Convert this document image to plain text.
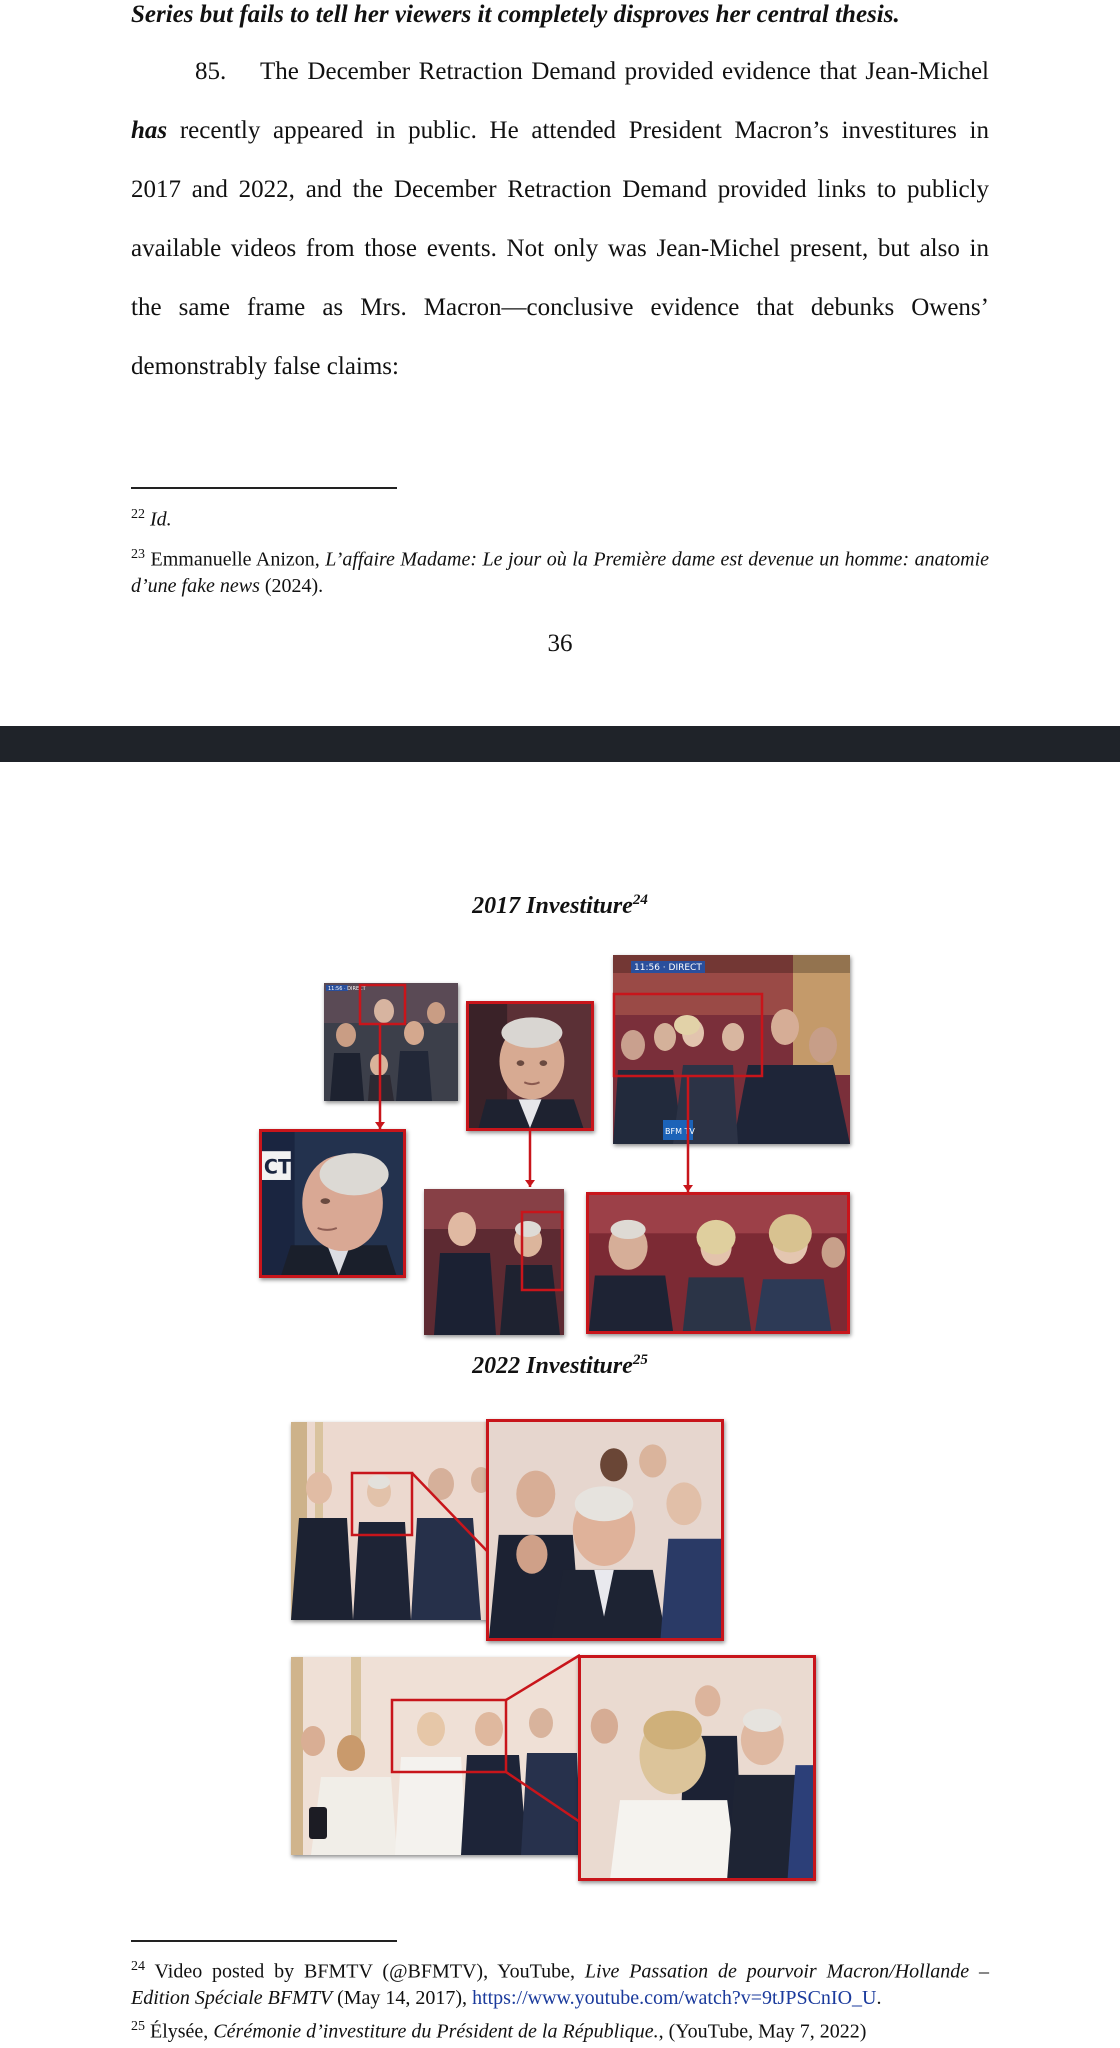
Series but fails to tell her viewers it completely disproves her central thesis.
85. The December Retraction Demand provided evidence that Jean-Michel
has recently appeared in public. He attended President Macron’s investitures in
2017 and 2022, and the December Retraction Demand provided links to publicly
available videos from those events. Not only was Jean-Michel present, but also in
the same frame as Mrs. Macron—conclusive evidence that debunks Owens’
demonstrably false claims:
$^{22}$ Id.
$^{23}$ Emmanuelle Anizon, L’affaire Madame: Le jour où la Première dame est devenue un homme: anatomie d’une fake news (2024).
36
2017 Investiture$^{24}$
11:56 · DIRECT
11:56 · DIRECT
BFM TV
CT
2022 Investiture$^{25}$
$^{24}$ Video posted by BFMTV (@BFMTV), YouTube, Live Passation de pourvoir Macron/Hollande – Edition Spéciale BFMTV (May 14, 2017), https://www.youtube.com/watch?v=9tJPSCnIO_U.
$^{25}$ Élysée, Cérémonie d’investiture du Président de la République., (YouTube, May 7, 2022)
